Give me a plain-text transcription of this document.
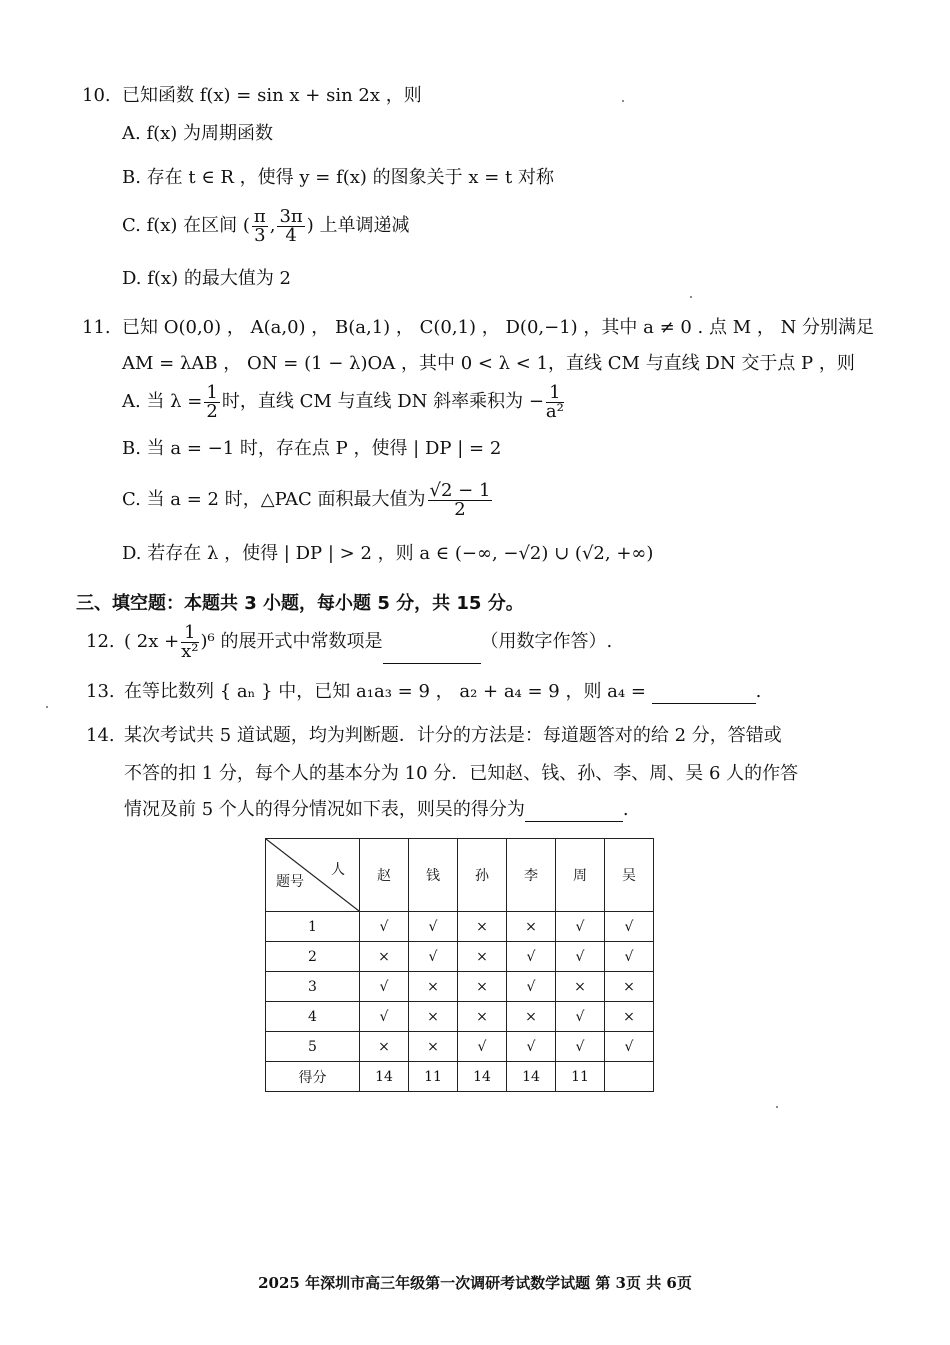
10. 已知函数 f(x) = sin x + sin 2x ，则
A. f(x) 为周期函数
B. 存在 t ∈ R ，使得 y = f(x) 的图象关于 x = t 对称
C. f(x) 在区间 ( $\frac{\pi}{3}$ , $\frac{3\pi}{4}$ ) 上单调递减
D. f(x) 的最大值为 2
11. 已知 O(0,0) ， A(a,0) ， B(a,1) ， C(0,1) ， D(0,−1) ，其中 a ≠ 0 . 点 M ， N 分别满足
AM = λAB ， ON = (1 − λ)OA ，其中 0 < λ < 1，直线 CM 与直线 DN 交于点 P ，则
A. 当 $\lambda = \frac{1}{2}$ 时，直线 CM 与直线 DN 斜率乘积为 − $\frac{1}{\text{a²}}$
B. 当 a = −1 时，存在点 P ，使得 | DP | = 2
C. 当 a = 2 时，△PAC 面积最大值为 $\frac{√2 - 1}{2}$
D. 若存在 λ ，使得 | DP | > 2 ，则 a ∈ (−∞, −√2) ∪ (√2, +∞)
三、填空题：本题共 3 小题，每小题 5 分，共 15 分。
12. ( $2x + \frac{1}{\text{x²}} )^6$ 的展开式中常数项是	（用数字作答）.
13. 在等比数列 { aₙ } 中，已知 a₁a₃ = 9 ， a₂ + a₄ = 9 ，则 a₄ =	.
14. 某次考试共 5 道试题，均为判断题．计分的方法是：每道题答对的给 2 分，答错或
不答的扣 1 分，每个人的基本分为 10 分．已知赵、钱、孙、李、周、吴 6 人的作答
情况及前 5 个人的得分情况如下表，则吴的得分为	.
人
题号	赵	钱	孙	李	周	吴
1	√	√	×	×	√	√
2	×	√	×	√	√	√
3	√	×	×	√	×	×
4	√	×	×	×	√	×
5	×	×	√	√	√	√
得分	14	11	14	14	11	
2025 年深圳市高三年级第一次调研考试数学试题 第 3页 共 6页
